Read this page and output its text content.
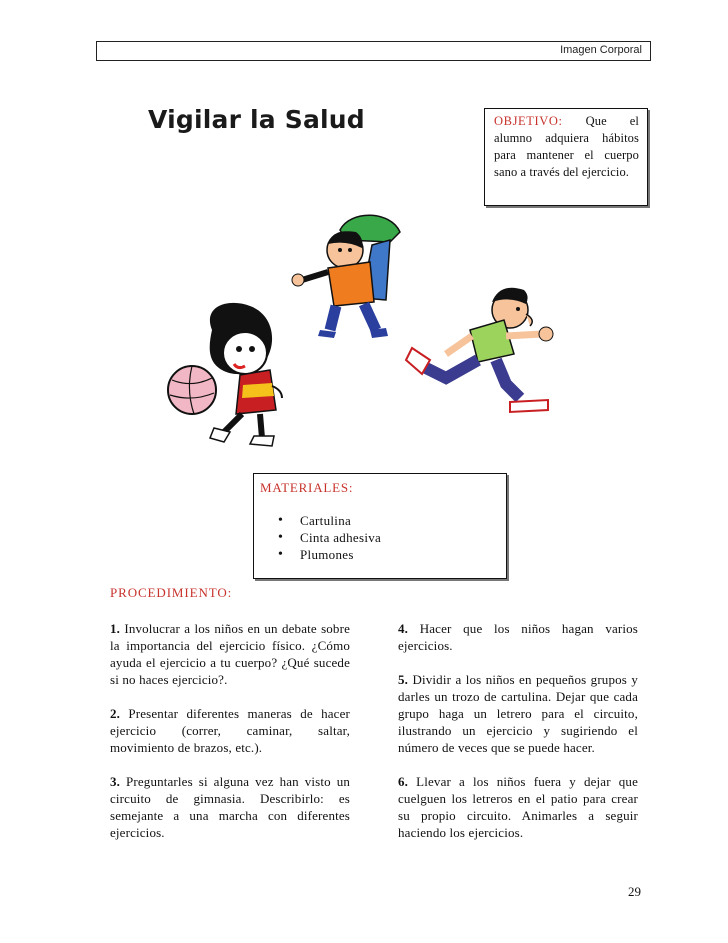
Imagen Corporal
Vigilar la Salud	OBJETIVO: Que el alumno adquiera hábitos para mantener el cuerpo sano a través del ejercicio.
MATERIALES:
• Cartulina
• Cinta adhesiva
• Plumones
PROCEDIMIENTO:

1. Involucrar a los niños en un debate sobre la importancia del ejercicio físico. ¿Cómo ayuda el ejercicio a tu cuerpo? ¿Qué sucede si no haces ejercicio?.

2. Presentar diferentes maneras de hacer ejercicio (correr, caminar, saltar, movimiento de brazos, etc.).

3. Preguntarles si alguna vez han visto un circuito de gimnasia. Describirlo: es semejante a una marcha con diferentes ejercicios.

4. Hacer que los niños hagan varios ejercicios.

5. Dividir a los niños en pequeños grupos y darles un trozo de cartulina. Dejar que cada grupo haga un letrero para el circuito, ilustrando un ejercicio y sugiriendo el número de veces que se puede hacer.

6. Llevar a los niños fuera y dejar que cuelguen los letreros en el patio para crear su propio circuito. Animarles a seguir haciendo los ejercicios.

29
